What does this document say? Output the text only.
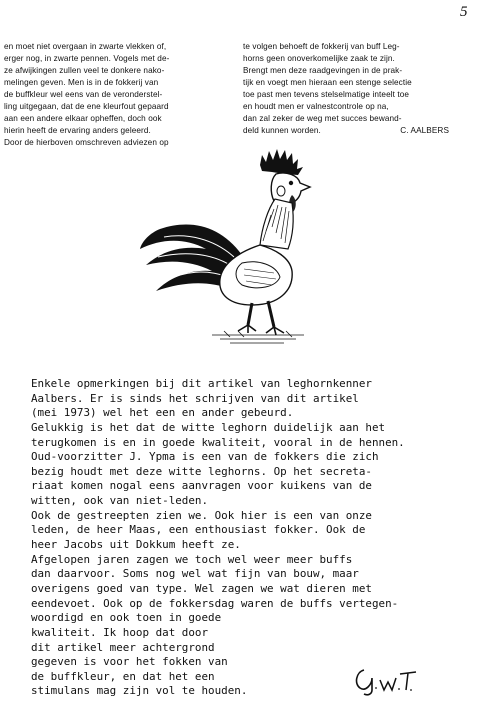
5
en moet niet overgaan in zwarte vlekken of,
erger nog, in zwarte pennen. Vogels met de-
ze afwijkingen zullen veel te donkere nako-
melingen geven. Men is in de fokkerij van
de buffkleur wel eens van de veronderstel-
ling uitgegaan, dat de ene kleurfout gepaard
aan een andere elkaar opheffen, doch ook
hierin heeft de ervaring anders geleerd.
Door de hierboven omschreven adviezen op
te volgen behoeft de fokkerij van buff Leg-
horns geen onoverkomelijke zaak te zijn.
Brengt men deze raadgevingen in de prak-
tijk en voegt men hieraan een stenge selectie
toe past men tevens stelselmatige inteelt toe
en houdt men er valnestcontrole op na,
dan zal zeker de weg met succes bewand-
deld kunnen worden.	C. AALBERS
Enkele opmerkingen bij dit artikel van leghornkenner
Aalbers. Er is sinds het schrijven van dit artikel
(mei 1973) wel het een en ander gebeurd.
Gelukkig is het dat de witte leghorn duidelijk aan het
terugkomen is en in goede kwaliteit, vooral in de hennen.
Oud-voorzitter J. Ypma is een van de fokkers die zich
bezig houdt met deze witte leghorns. Op het secreta-
riaat komen nogal eens aanvragen voor kuikens van de
witten, ook van niet-leden.
Ook de gestreepten zien we. Ook hier is een van onze
leden, de heer Maas, een enthousiast fokker. Ook de
heer Jacobs uit Dokkum heeft ze.
Afgelopen jaren zagen we toch wel weer meer buffs
dan daarvoor. Soms nog wel wat fijn van bouw, maar
overigens goed van type. Wel zagen we wat dieren met
eendevoet. Ook op de fokkersdag waren de buffs vertegen-
woordigd en ook toen in goede
kwaliteit. Ik hoop dat door
dit artikel meer achtergrond
gegeven is voor het fokken van
de buffkleur, en dat het een
stimulans mag zijn vol te houden.
